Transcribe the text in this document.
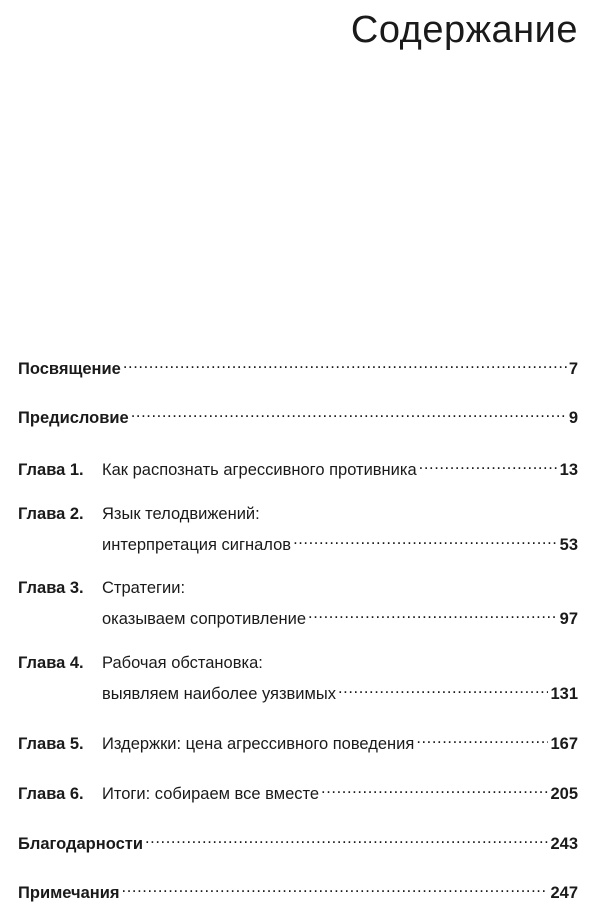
Содержание
Посвящение .....	7
Предисловие .....	9
Глава 1.	Как распознать агрессивного противника .....	13
Глава 2.	Язык телодвижений:
интерпретация сигналов .....	53
Глава 3.	Стратегии:
оказываем сопротивление .....	97
Глава 4.	Рабочая обстановка:
выявляем наиболее уязвимых .....	131
Глава 5.	Издержки: цена агрессивного поведения .....	167
Глава 6.	Итоги: собираем все вместе .....	205
Благодарности .....	243
Примечания .....	247
